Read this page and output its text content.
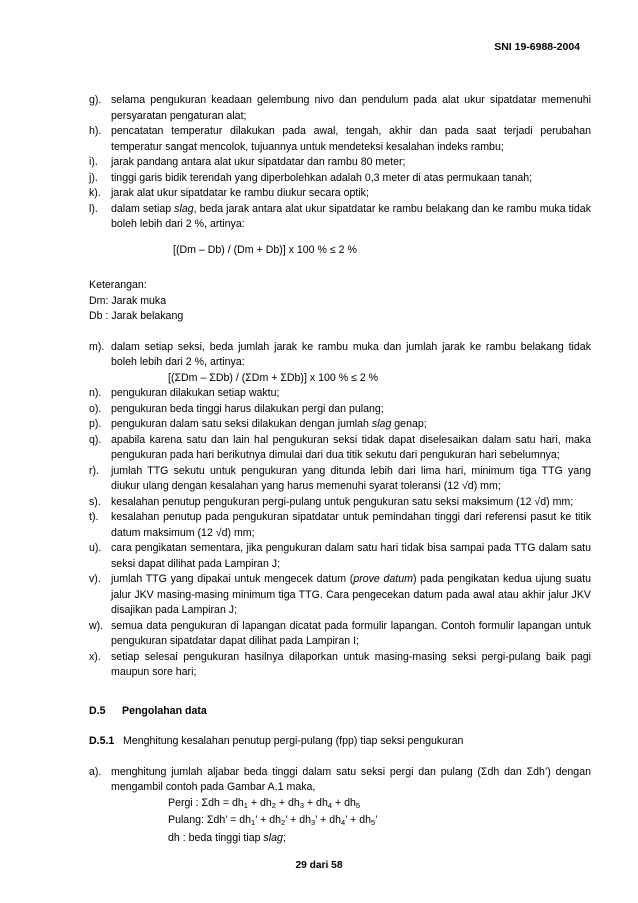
SNI 19-6988-2004
g). selama pengukuran keadaan gelembung nivo dan pendulum pada alat ukur sipatdatar memenuhi persyaratan pengaturan alat;
h). pencatatan temperatur dilakukan pada awal, tengah, akhir dan pada saat terjadi perubahan temperatur sangat mencolok, tujuannya untuk mendeteksi kesalahan indeks rambu;
i).	jarak pandang antara alat ukur sipatdatar dan rambu 80 meter;
j).	tinggi garis bidik terendah yang diperbolehkan adalah 0,3 meter di atas permukaan tanah;
k). jarak alat ukur sipatdatar ke rambu diukur secara optik;
l).	dalam setiap slag, beda jarak antara alat ukur sipatdatar ke rambu belakang dan ke rambu muka tidak boleh lebih dari 2 %, artinya:
[(Dm – Db) / (Dm + Db)] x 100 % ≤ 2 %
Keterangan:
Dm: Jarak muka
Db : Jarak belakang
m). dalam setiap seksi, beda jumlah jarak ke rambu muka dan jumlah jarak ke rambu belakang tidak boleh lebih dari 2 %, artinya:
[(ΣDm – ΣDb) / (ΣDm + ΣDb)] x 100 % ≤ 2 %
n). pengukuran dilakukan setiap waktu;
o). pengukuran beda tinggi harus dilakukan pergi dan pulang;
p). pengukuran dalam satu seksi dilakukan dengan jumlah slag genap;
q). apabila karena satu dan lain hal pengukuran seksi tidak dapat diselesaikan dalam satu hari, maka pengukuran pada hari berikutnya dimulai dari dua titik sekutu dari pengukuran hari sebelumnya;
r).	jumlah TTG sekutu untuk pengukuran yang ditunda lebih dari lima hari, minimum tiga TTG yang diukur ulang dengan kesalahan yang harus memenuhi syarat toleransi (12 √d) mm;
s). kesalahan penutup pengukuran pergi-pulang untuk pengukuran satu seksi maksimum (12 √d) mm;
t).	kesalahan penutup pada pengukuran sipatdatar untuk pemindahan tinggi dari referensi pasut ke titik datum maksimum (12 √d) mm;
u). cara pengikatan sementara, jika pengukuran dalam satu hari tidak bisa sampai pada TTG dalam satu seksi dapat dilihat pada Lampiran J;
v). jumlah TTG yang dipakai untuk mengecek datum (prove datum) pada pengikatan kedua ujung suatu jalur JKV masing-masing minimum tiga TTG. Cara pengecekan datum pada awal atau akhir jalur JKV disajikan pada Lampiran J;
w). semua data pengukuran di lapangan dicatat pada formulir lapangan. Contoh formulir lapangan untuk pengukuran sipatdatar dapat dilihat pada Lampiran I;
x). setiap selesai pengukuran hasilnya dilaporkan untuk masing-masing seksi pergi-pulang baik pagi maupun sore hari;
D.5 Pengolahan data
D.5.1 Menghitung kesalahan penutup pergi-pulang (fpp) tiap seksi pengukuran
a). menghitung jumlah aljabar beda tinggi dalam satu seksi pergi dan pulang (Σdh dan Σdh’) dengan mengambil contoh pada Gambar A.1 maka,
Pergi : $\Sigma dh = dh_1 + dh_2 + dh_3 + dh_4 + dh_5$
Pulang: Σdh’ = $dh_1$’ + $dh_2$’ + $dh_3$’ + $dh_4$’ + $dh_5$’
dh : beda tinggi tiap slag;
29 dari 58
